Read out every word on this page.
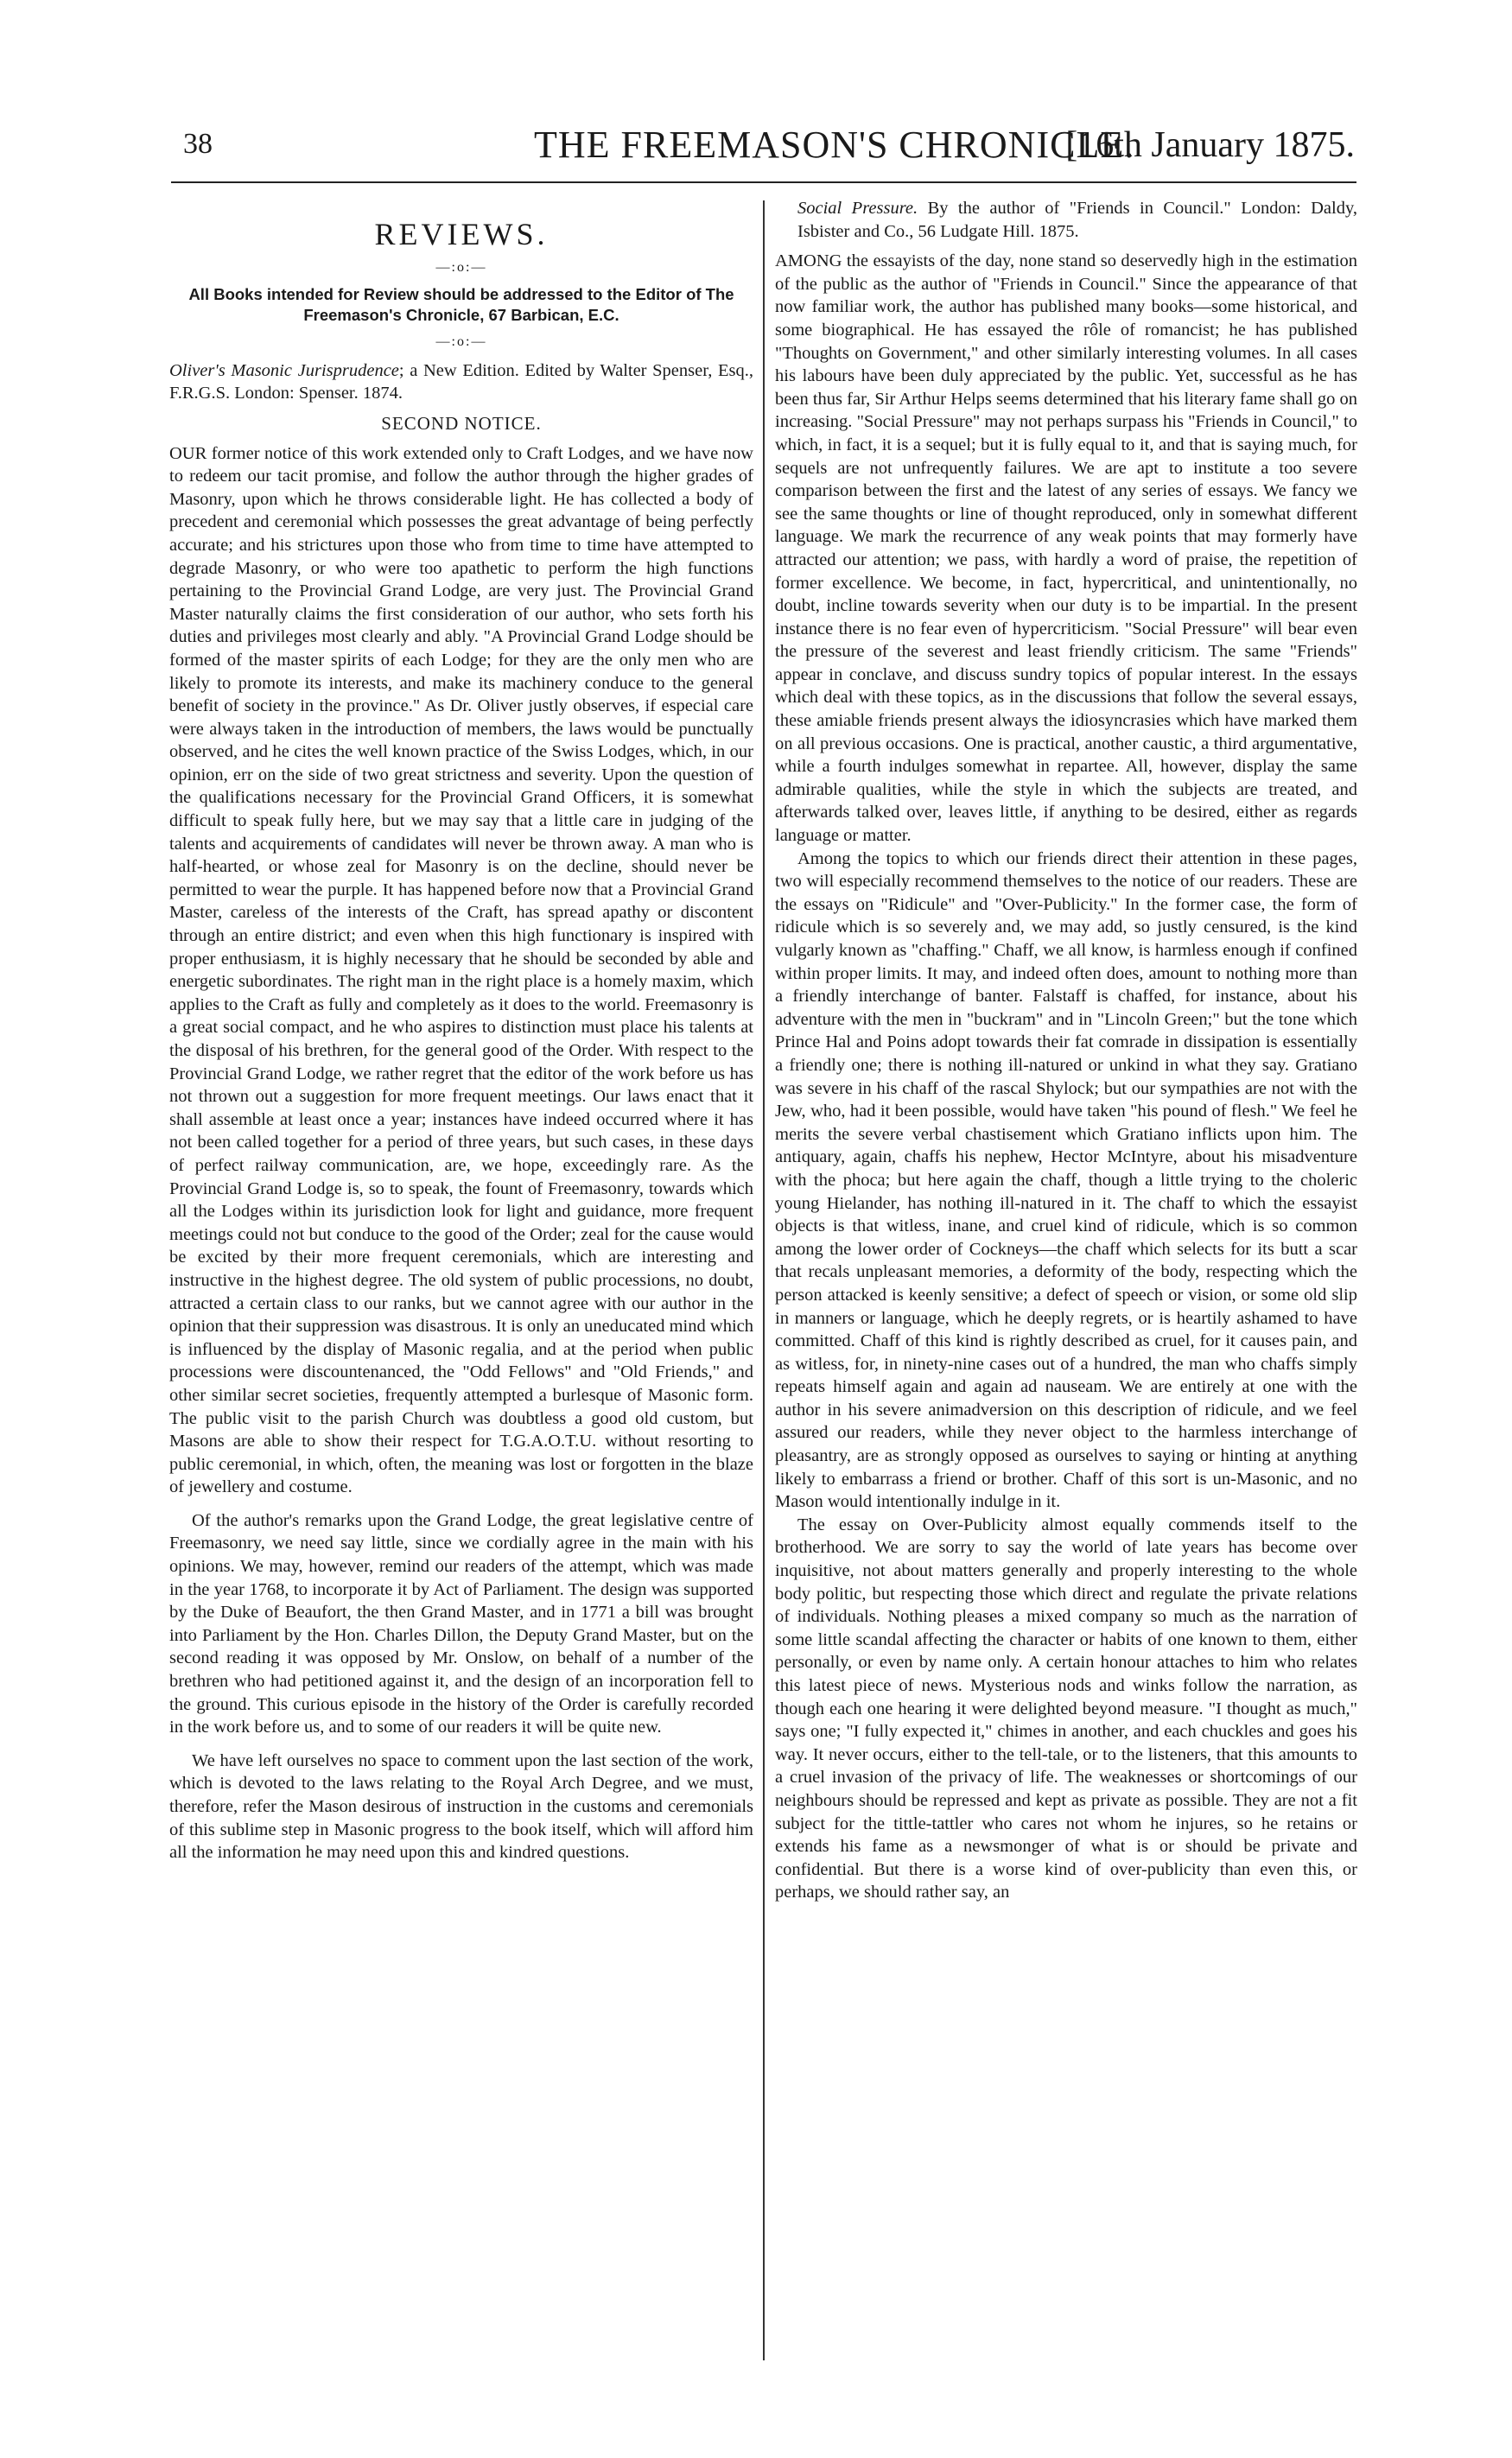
38	THE FREEMASON'S CHRONICLE.
[16th January 1875.
REVIEWS.
—:o:—
All Books intended for Review should be addressed to the Editor of The Freemason's Chronicle, 67 Barbican, E.C.
—:o:—

Oliver's Masonic Jurisprudence; a New Edition. Edited by Walter Spenser, Esq., F.R.G.S. London: Spenser. 1874.

SECOND NOTICE.

OUR former notice of this work extended only to Craft Lodges, and we have now to redeem our tacit promise, and follow the author through the higher grades of Masonry, upon which he throws considerable light. He has collected a body of precedent and ceremonial which possesses the great advantage of being perfectly accurate; and his strictures upon those who from time to time have attempted to degrade Masonry, or who were too apathetic to perform the high functions pertaining to the Provincial Grand Lodge, are very just. The Provincial Grand Master naturally claims the first consideration of our author, who sets forth his duties and privileges most clearly and ably. "A Provincial Grand Lodge should be formed of the master spirits of each Lodge; for they are the only men who are likely to promote its interests, and make its machinery conduce to the general benefit of society in the province." As Dr. Oliver justly observes, if especial care were always taken in the introduction of members, the laws would be punctually observed, and he cites the well known practice of the Swiss Lodges, which, in our opinion, err on the side of two great strictness and severity. Upon the question of the qualifications necessary for the Provincial Grand Officers, it is somewhat difficult to speak fully here, but we may say that a little care in judging of the talents and acquirements of candidates will never be thrown away. A man who is half-hearted, or whose zeal for Masonry is on the decline, should never be permitted to wear the purple. It has happened before now that a Provincial Grand Master, careless of the interests of the Craft, has spread apathy or discontent through an entire district; and even when this high functionary is inspired with proper enthusiasm, it is highly necessary that he should be seconded by able and energetic subordinates. The right man in the right place is a homely maxim, which applies to the Craft as fully and completely as it does to the world. Freemasonry is a great social compact, and he who aspires to distinction must place his talents at the disposal of his brethren, for the general good of the Order. With respect to the Provincial Grand Lodge, we rather regret that the editor of the work before us has not thrown out a suggestion for more frequent meetings. Our laws enact that it shall assemble at least once a year; instances have indeed occurred where it has not been called together for a period of three years, but such cases, in these days of perfect railway communication, are, we hope, exceedingly rare. As the Provincial Grand Lodge is, so to speak, the fount of Freemasonry, towards which all the Lodges within its jurisdiction look for light and guidance, more frequent meetings could not but conduce to the good of the Order; zeal for the cause would be excited by their more frequent ceremonials, which are interesting and instructive in the highest degree. The old system of public processions, no doubt, attracted a certain class to our ranks, but we cannot agree with our author in the opinion that their suppression was disastrous. It is only an uneducated mind which is influenced by the display of Masonic regalia, and at the period when public processions were discountenanced, the "Odd Fellows" and "Old Friends," and other similar secret societies, frequently attempted a burlesque of Masonic form. The public visit to the parish Church was doubtless a good old custom, but Masons are able to show their respect for T.G.A.O.T.U. without resorting to public ceremonial, in which, often, the meaning was lost or forgotten in the blaze of jewellery and costume.

Of the author's remarks upon the Grand Lodge, the great legislative centre of Freemasonry, we need say little, since we cordially agree in the main with his opinions. We may, however, remind our readers of the attempt, which was made in the year 1768, to incorporate it by Act of Parliament. The design was supported by the Duke of Beaufort, the then Grand Master, and in 1771 a bill was brought into Parliament by the Hon. Charles Dillon, the Deputy Grand Master, but on the second reading it was opposed by Mr. Onslow, on behalf of a number of the brethren who had petitioned against it, and the design of an incorporation fell to the ground. This curious episode in the history of the Order is carefully recorded in the work before us, and to some of our readers it will be quite new.

We have left ourselves no space to comment upon the last section of the work, which is devoted to the laws relating to the Royal Arch Degree, and we must, therefore, refer the Mason desirous of instruction in the customs and ceremonials of this sublime step in Masonic progress to the book itself, which will afford him all the information he may need upon this and kindred questions.

Social Pressure. By the author of "Friends in Council." London: Daldy, Isbister and Co., 56 Ludgate Hill. 1875.

AMONG the essayists of the day, none stand so deservedly high in the estimation of the public as the author of "Friends in Council." Since the appearance of that now familiar work, the author has published many books—some historical, and some biographical. He has essayed the rôle of romancist; he has published "Thoughts on Government," and other similarly interesting volumes. In all cases his labours have been duly appreciated by the public. Yet, successful as he has been thus far, Sir Arthur Helps seems determined that his literary fame shall go on increasing. "Social Pressure" may not perhaps surpass his "Friends in Council," to which, in fact, it is a sequel; but it is fully equal to it, and that is saying much, for sequels are not unfrequently failures. We are apt to institute a too severe comparison between the first and the latest of any series of essays. We fancy we see the same thoughts or line of thought reproduced, only in somewhat different language. We mark the recurrence of any weak points that may formerly have attracted our attention; we pass, with hardly a word of praise, the repetition of former excellence. We become, in fact, hypercritical, and unintentionally, no doubt, incline towards severity when our duty is to be impartial. In the present instance there is no fear even of hypercriticism. "Social Pressure" will bear even the pressure of the severest and least friendly criticism. The same "Friends" appear in conclave, and discuss sundry topics of popular interest. In the essays which deal with these topics, as in the discussions that follow the several essays, these amiable friends present always the idiosyncrasies which have marked them on all previous occasions. One is practical, another caustic, a third argumentative, while a fourth indulges somewhat in repartee. All, however, display the same admirable qualities, while the style in which the subjects are treated, and afterwards talked over, leaves little, if anything to be desired, either as regards language or matter.

Among the topics to which our friends direct their attention in these pages, two will especially recommend themselves to the notice of our readers. These are the essays on "Ridicule" and "Over-Publicity." In the former case, the form of ridicule which is so severely and, we may add, so justly censured, is the kind vulgarly known as "chaffing." Chaff, we all know, is harmless enough if confined within proper limits. It may, and indeed often does, amount to nothing more than a friendly interchange of banter. Falstaff is chaffed, for instance, about his adventure with the men in "buckram" and in "Lincoln Green;" but the tone which Prince Hal and Poins adopt towards their fat comrade in dissipation is essentially a friendly one; there is nothing ill-natured or unkind in what they say. Gratiano was severe in his chaff of the rascal Shylock; but our sympathies are not with the Jew, who, had it been possible, would have taken "his pound of flesh." We feel he merits the severe verbal chastisement which Gratiano inflicts upon him. The antiquary, again, chaffs his nephew, Hector McIntyre, about his misadventure with the phoca; but here again the chaff, though a little trying to the choleric young Hielander, has nothing ill-natured in it. The chaff to which the essayist objects is that witless, inane, and cruel kind of ridicule, which is so common among the lower order of Cockneys—the chaff which selects for its butt a scar that recals unpleasant memories, a deformity of the body, respecting which the person attacked is keenly sensitive; a defect of speech or vision, or some old slip in manners or language, which he deeply regrets, or is heartily ashamed to have committed. Chaff of this kind is rightly described as cruel, for it causes pain, and as witless, for, in ninety-nine cases out of a hundred, the man who chaffs simply repeats himself again and again ad nauseam. We are entirely at one with the author in his severe animadversion on this description of ridicule, and we feel assured our readers, while they never object to the harmless interchange of pleasantry, are as strongly opposed as ourselves to saying or hinting at anything likely to embarrass a friend or brother. Chaff of this sort is un-Masonic, and no Mason would intentionally indulge in it.

The essay on Over-Publicity almost equally commends itself to the brotherhood. We are sorry to say the world of late years has become over inquisitive, not about matters generally and properly interesting to the whole body politic, but respecting those which direct and regulate the private relations of individuals. Nothing pleases a mixed company so much as the narration of some little scandal affecting the character or habits of one known to them, either personally, or even by name only. A certain honour attaches to him who relates this latest piece of news. Mysterious nods and winks follow the narration, as though each one hearing it were delighted beyond measure. "I thought as much," says one; "I fully expected it," chimes in another, and each chuckles and goes his way. It never occurs, either to the tell-tale, or to the listeners, that this amounts to a cruel invasion of the privacy of life. The weaknesses or shortcomings of our neighbours should be repressed and kept as private as possible. They are not a fit subject for the tittle-tattler who cares not whom he injures, so he retains or extends his fame as a newsmonger of what is or should be private and confidential. But there is a worse kind of over-publicity than even this, or perhaps, we should rather say, an
